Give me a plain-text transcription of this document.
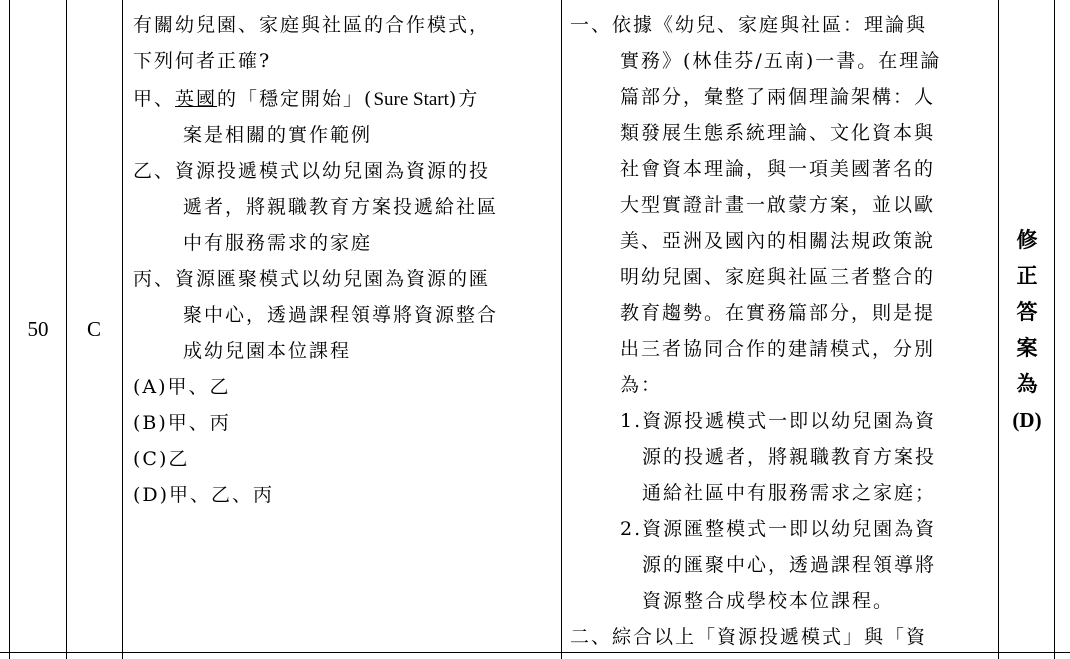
50	C
有關幼兒園、家庭與社區的合作模式，
下列何者正確?
甲、英國的「穩定開始」(Sure Start)方
案是相關的實作範例
乙、資源投遞模式以幼兒園為資源的投
遞者，將親職教育方案投遞給社區
中有服務需求的家庭
丙、資源匯聚模式以幼兒園為資源的匯
聚中心，透過課程領導將資源整合
成幼兒園本位課程
(A)甲、乙
(B)甲、丙
(C)乙
(D)甲、乙、丙
一、依據《幼兒、家庭與社區：理論與
實務》(林佳芬/五南)一書。在理論
篇部分，彙整了兩個理論架構：人
類發展生態系統理論、文化資本與
社會資本理論，與一項美國著名的
大型實證計畫一啟蒙方案，並以歐
美、亞洲及國內的相關法規政策說
明幼兒園、家庭與社區三者整合的
教育趨勢。在實務篇部分，則是提
出三者協同合作的建請模式，分別
為：
1.資源投遞模式一即以幼兒園為資
源的投遞者，將親職教育方案投
通給社區中有服務需求之家庭；
2.資源匯整模式一即以幼兒園為資
源的匯聚中心，透過課程領導將
資源整合成學校本位課程。
二、綜合以上「資源投遞模式」與「資
修
正
答
案
為
(D)
